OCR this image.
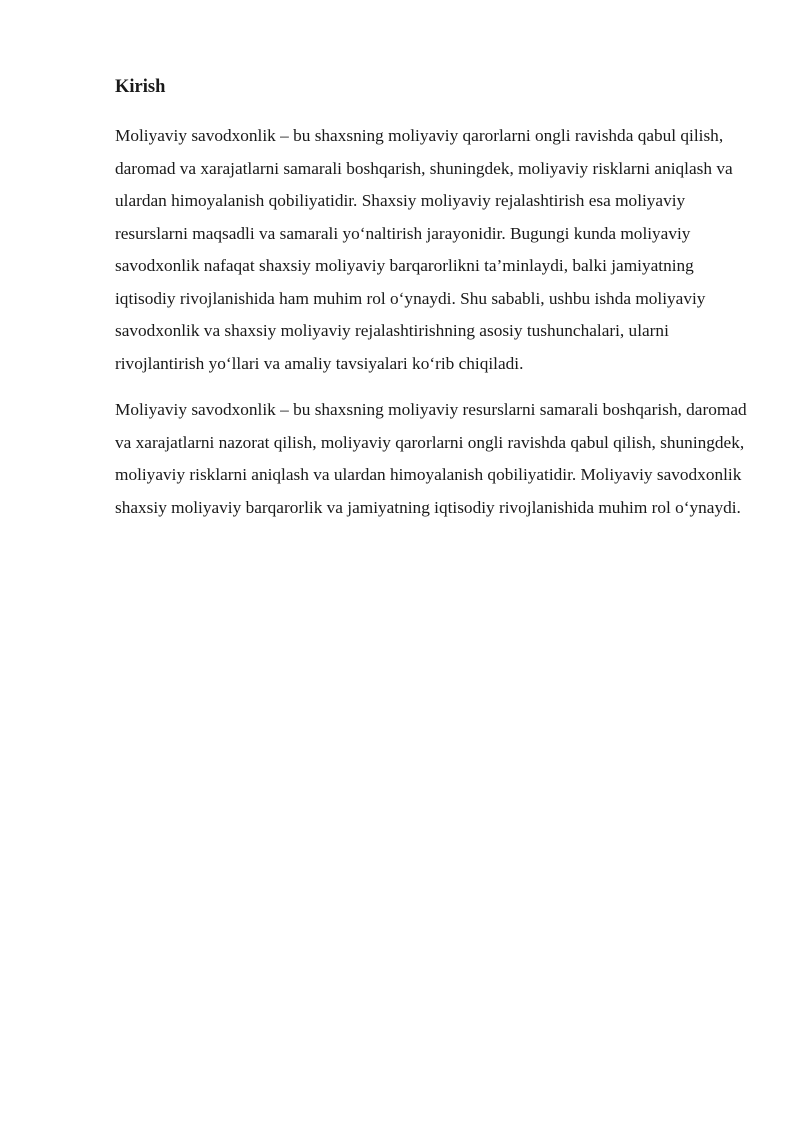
Kirish

Moliyaviy savodxonlik – bu shaxsning moliyaviy qarorlarni ongli ravishda qabul qilish, daromad va xarajatlarni samarali boshqarish, shuningdek, moliyaviy risklarni aniqlash va ulardan himoyalanish qobiliyatidir. Shaxsiy moliyaviy rejalashtirish esa moliyaviy resurslarni maqsadli va samarali yo‘naltirish jarayonidir. Bugungi kunda moliyaviy savodxonlik nafaqat shaxsiy moliyaviy barqarorlikni ta’minlaydi, balki jamiyatning iqtisodiy rivojlanishida ham muhim rol o‘ynaydi. Shu sababli, ushbu ishda moliyaviy savodxonlik va shaxsiy moliyaviy rejalashtirishning asosiy tushunchalari, ularni rivojlantirish yo‘llari va amaliy tavsiyalari ko‘rib chiqiladi.

Moliyaviy savodxonlik – bu shaxsning moliyaviy resurslarni samarali boshqarish, daromad va xarajatlarni nazorat qilish, moliyaviy qarorlarni ongli ravishda qabul qilish, shuningdek, moliyaviy risklarni aniqlash va ulardan himoyalanish qobiliyatidir. Moliyaviy savodxonlik shaxsiy moliyaviy barqarorlik va jamiyatning iqtisodiy rivojlanishida muhim rol o‘ynaydi.
